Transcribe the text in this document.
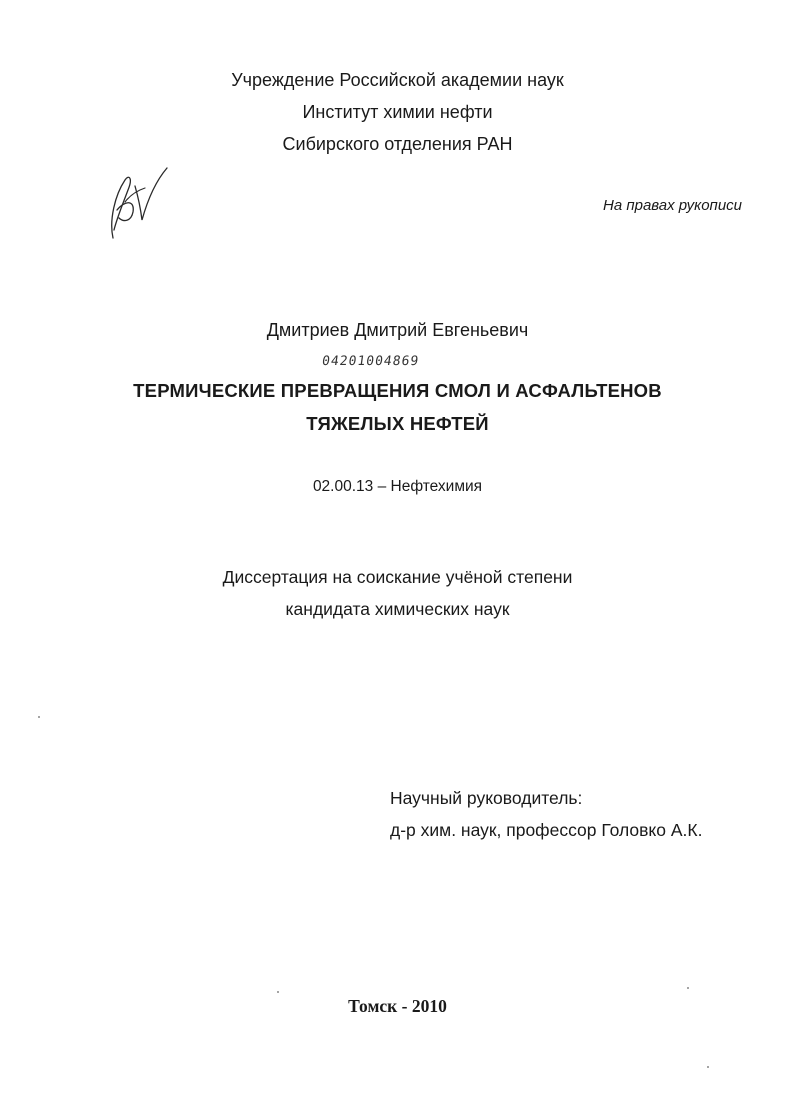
Учреждение Российской академии наук
Институт химии нефти
Сибирского отделения РАН
На правах рукописи
Дмитриев Дмитрий Евгеньевич
04201004869
ТЕРМИЧЕСКИЕ ПРЕВРАЩЕНИЯ СМОЛ И АСФАЛЬТЕНОВ
ТЯЖЕЛЫХ НЕФТЕЙ
02.00.13 – Нефтехимия
Диссертация на соискание учёной степени
кандидата химических наук
Научный руководитель:
д-р хим. наук, профессор Головко А.К.
Томск - 2010
